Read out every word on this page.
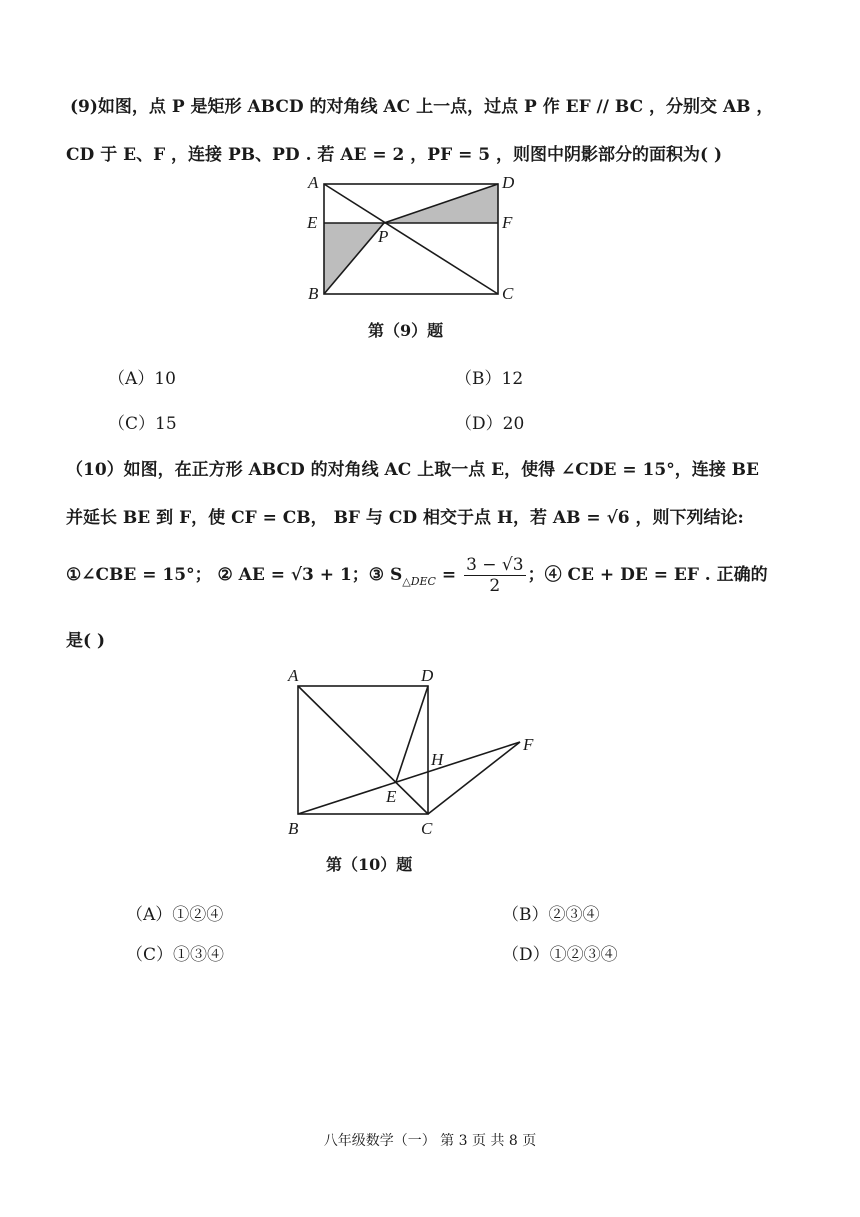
(9)如图，点 P 是矩形 ABCD 的对角线 AC 上一点，过点 P 作 EF // BC ，分别交 AB ，
CD 于 E、F ，连接 PB、PD . 若 AE = 2 ，PF = 5 ，则图中阴影部分的面积为( )
A	D
E	F
P
B	C
第（9）题
（A）10	（B）12
（C）15	（D）20
（10）如图，在正方形 ABCD 的对角线 AC 上取一点 E，使得 ∠CDE = 15°，连接 BE
并延长 BE 到 F，使 CF = CB， BF 与 CD 相交于点 H，若 AB = √6 ，则下列结论:
①∠CBE = 15°； ② AE = √3 + 1；③ $S_{\triangle DEC} = \frac{3 - √3}{2}$ ；④ CE + DE = EF . 正确的
是( )
A	D
H
F
E
B	C
第（10）题
（A）①②④	（B）②③④
（C）①③④	（D）①②③④
八年级数学（一） 第 3 页 共 8 页
